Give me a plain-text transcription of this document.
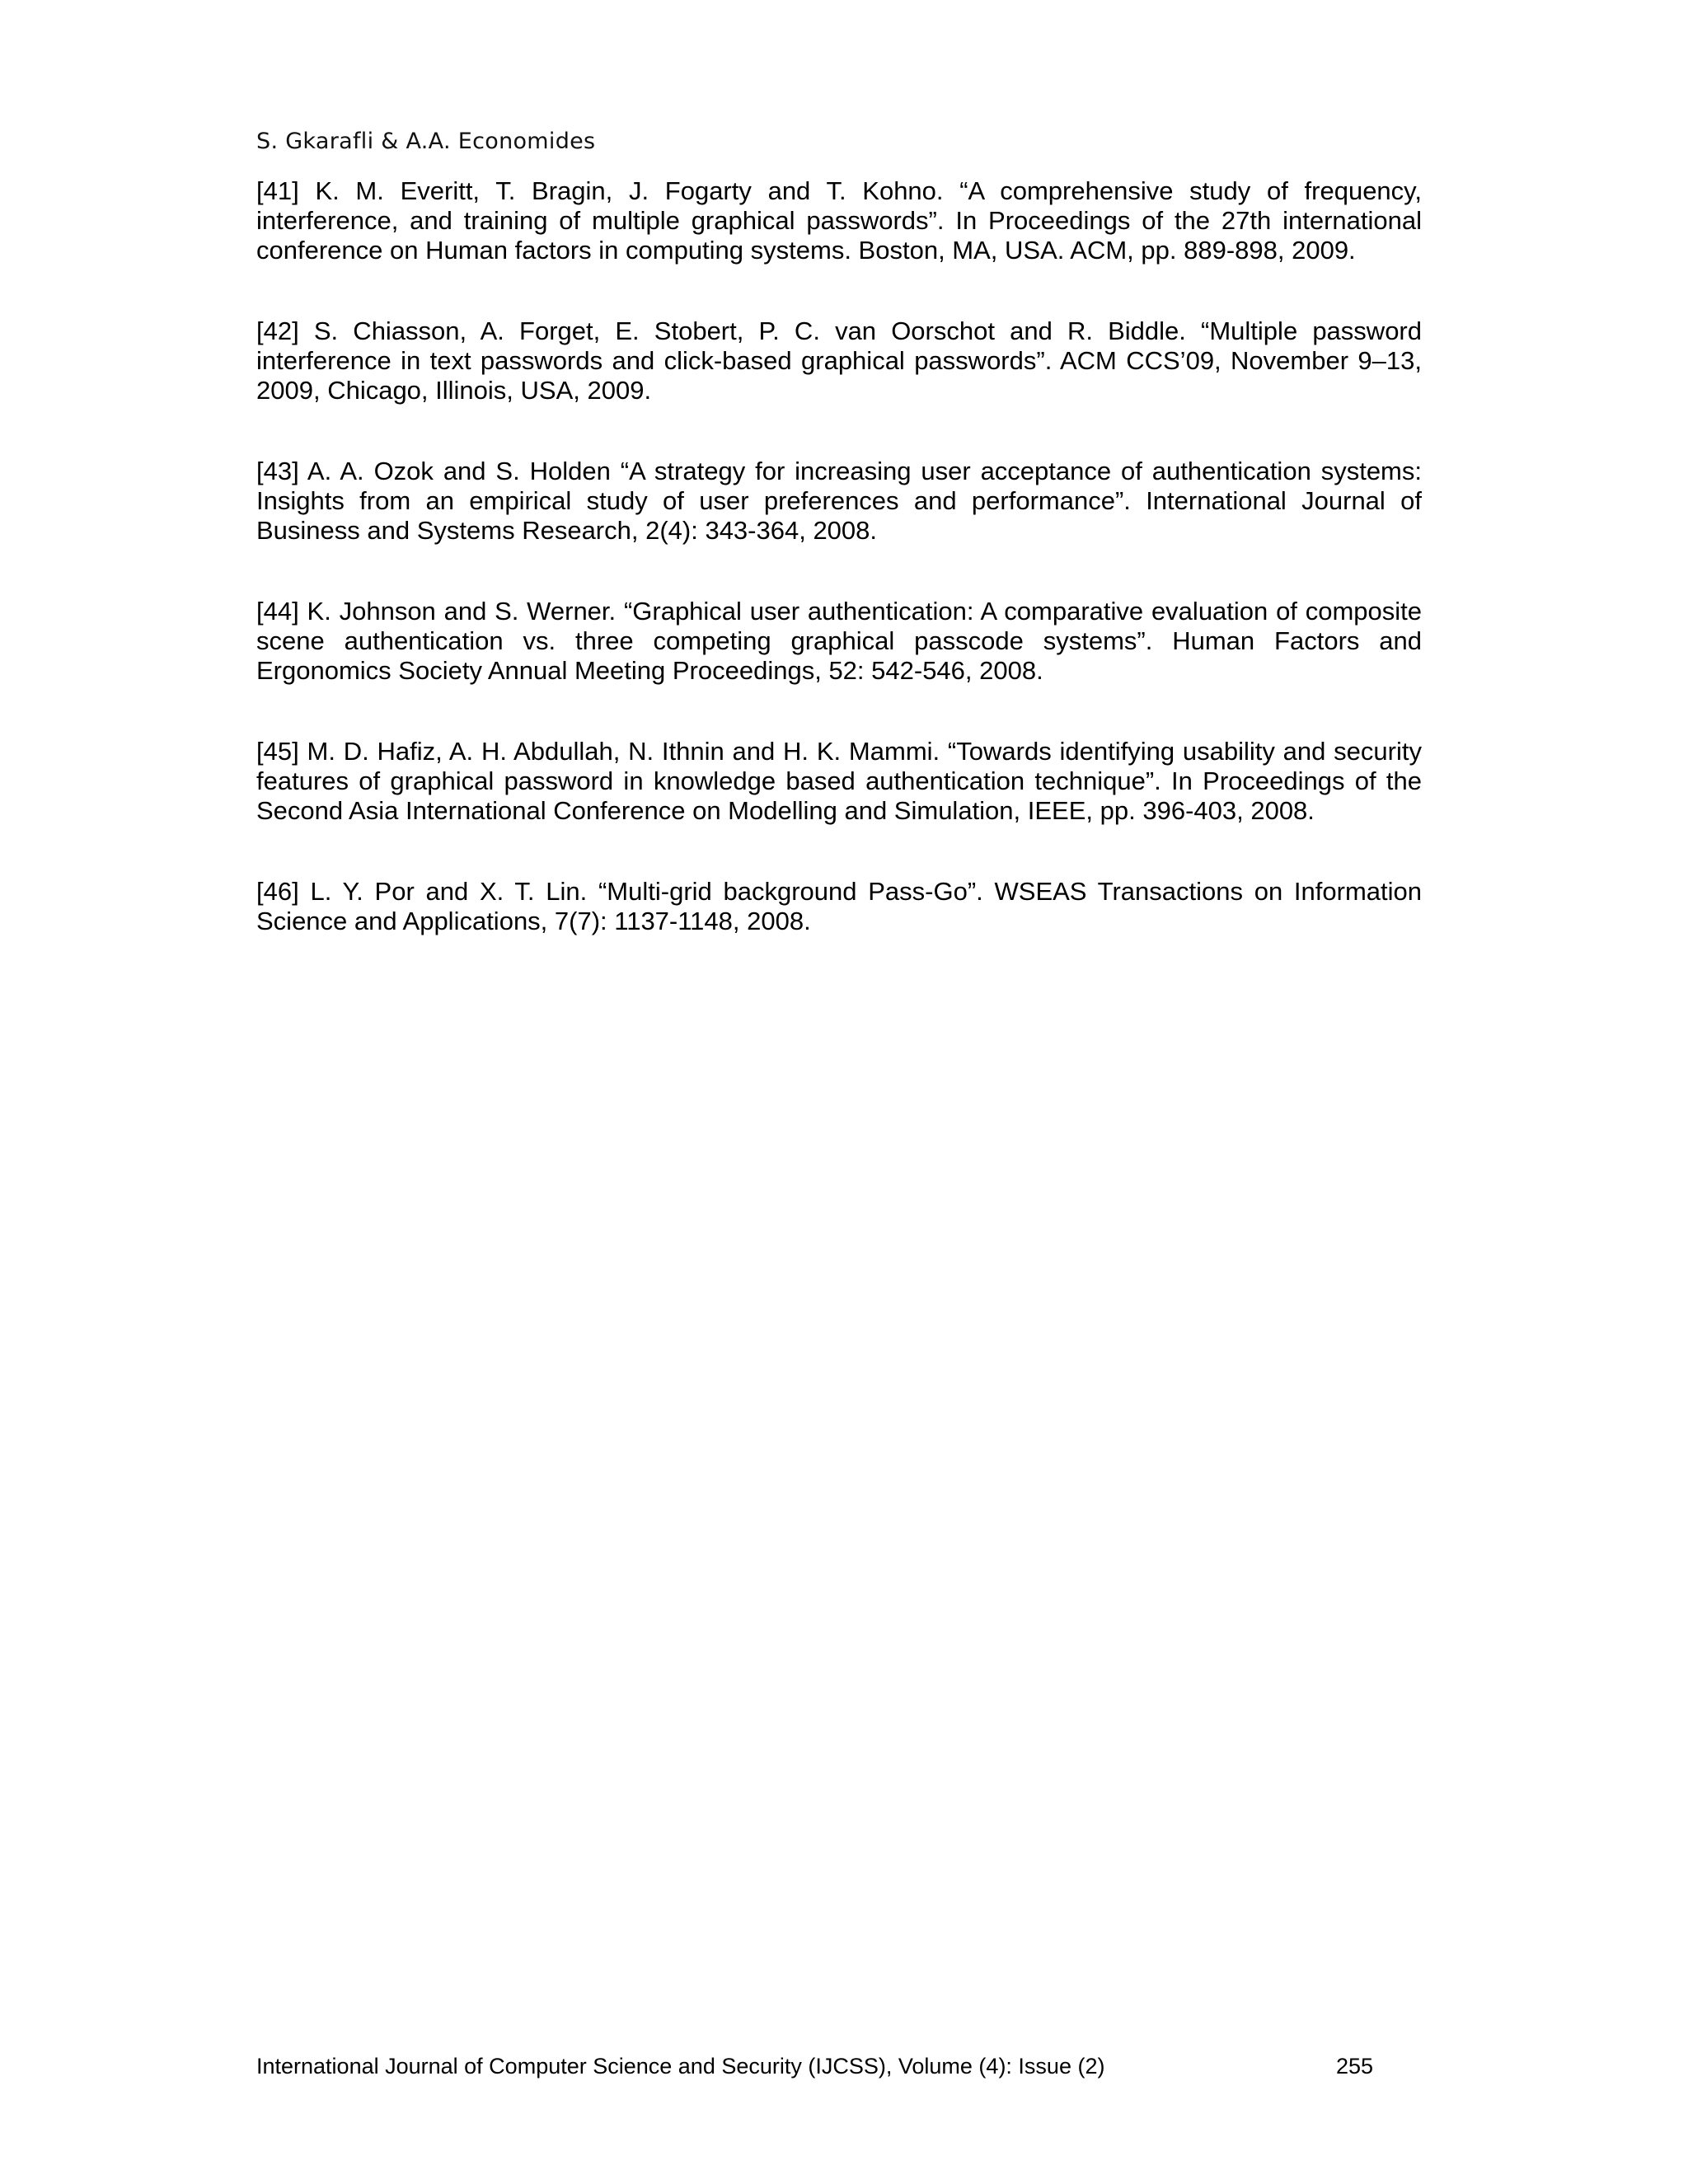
S. Gkarafli & A.A. Economides
[41] K. M. Everitt, T. Bragin, J. Fogarty and T. Kohno. “A comprehensive study of frequency, interference, and training of multiple graphical passwords”. In Proceedings of the 27th international conference on Human factors in computing systems. Boston, MA, USA. ACM, pp. 889-898, 2009.
[42] S. Chiasson, A. Forget, E. Stobert, P. C. van Oorschot and R. Biddle. “Multiple password interference in text passwords and click-based graphical passwords”. ACM CCS’09, November 9–13, 2009, Chicago, Illinois, USA, 2009.
[43] A. A. Ozok and S. Holden “A strategy for increasing user acceptance of authentication systems: Insights from an empirical study of user preferences and performance”. International Journal of Business and Systems Research, 2(4): 343-364, 2008.
[44] K. Johnson and S. Werner. “Graphical user authentication: A comparative evaluation of composite scene authentication vs. three competing graphical passcode systems”. Human Factors and Ergonomics Society Annual Meeting Proceedings, 52: 542-546, 2008.
[45] M. D. Hafiz, A. H. Abdullah, N. Ithnin and H. K. Mammi. “Towards identifying usability and security features of graphical password in knowledge based authentication technique”. In Proceedings of the Second Asia International Conference on Modelling and Simulation, IEEE, pp. 396-403, 2008.
[46] L. Y. Por and X. T. Lin. “Multi-grid background Pass-Go”. WSEAS Transactions on Information Science and Applications, 7(7): 1137-1148, 2008.
International Journal of Computer Science and Security (IJCSS), Volume (4): Issue (2)	255
